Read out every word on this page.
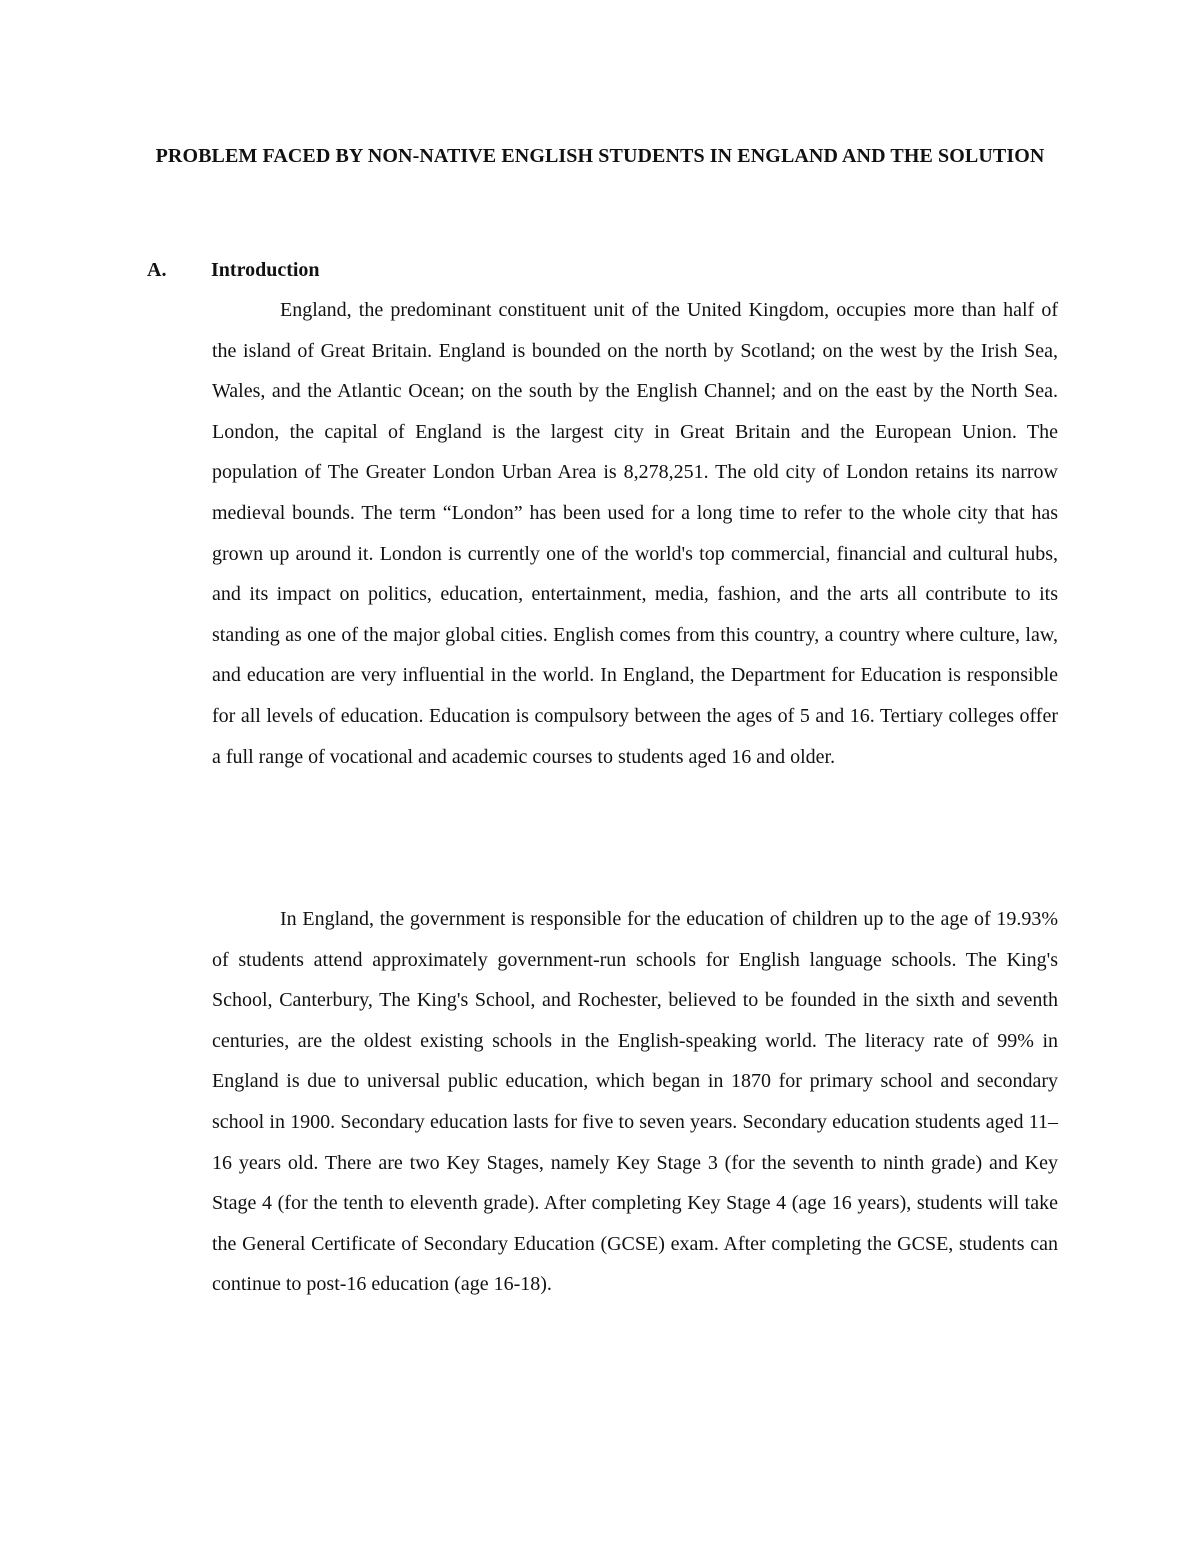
PROBLEM FACED BY NON-NATIVE ENGLISH STUDENTS IN ENGLAND AND THE SOLUTION
A.	Introduction

England, the predominant constituent unit of the United Kingdom, occupies more than half of the island of Great Britain. England is bounded on the north by Scotland; on the west by the Irish Sea, Wales, and the Atlantic Ocean; on the south by the English Channel; and on the east by the North Sea. London, the capital of England is the largest city in Great Britain and the European Union. The population of The Greater London Urban Area is 8,278,251. The old city of London retains its narrow medieval bounds. The term “London” has been used for a long time to refer to the whole city that has grown up around it. London is currently one of the world's top commercial, financial and cultural hubs, and its impact on politics, education, entertainment, media, fashion, and the arts all contribute to its standing as one of the major global cities. English comes from this country, a country where culture, law, and education are very influential in the world. In England, the Department for Education is responsible for all levels of education. Education is compulsory between the ages of 5 and 16. Tertiary colleges offer a full range of vocational and academic courses to students aged 16 and older.

In England, the government is responsible for the education of children up to the age of 19.93% of students attend approximately government-run schools for English language schools. The King's School, Canterbury, The King's School, and Rochester, believed to be founded in the sixth and seventh centuries, are the oldest existing schools in the English-speaking world. The literacy rate of 99% in England is due to universal public education, which began in 1870 for primary school and secondary school in 1900. Secondary education lasts for five to seven years. Secondary education students aged 11–16 years old. There are two Key Stages, namely Key Stage 3 (for the seventh to ninth grade) and Key Stage 4 (for the tenth to eleventh grade). After completing Key Stage 4 (age 16 years), students will take the General Certificate of Secondary Education (GCSE) exam. After completing the GCSE, students can continue to post-16 education (age 16-18).
